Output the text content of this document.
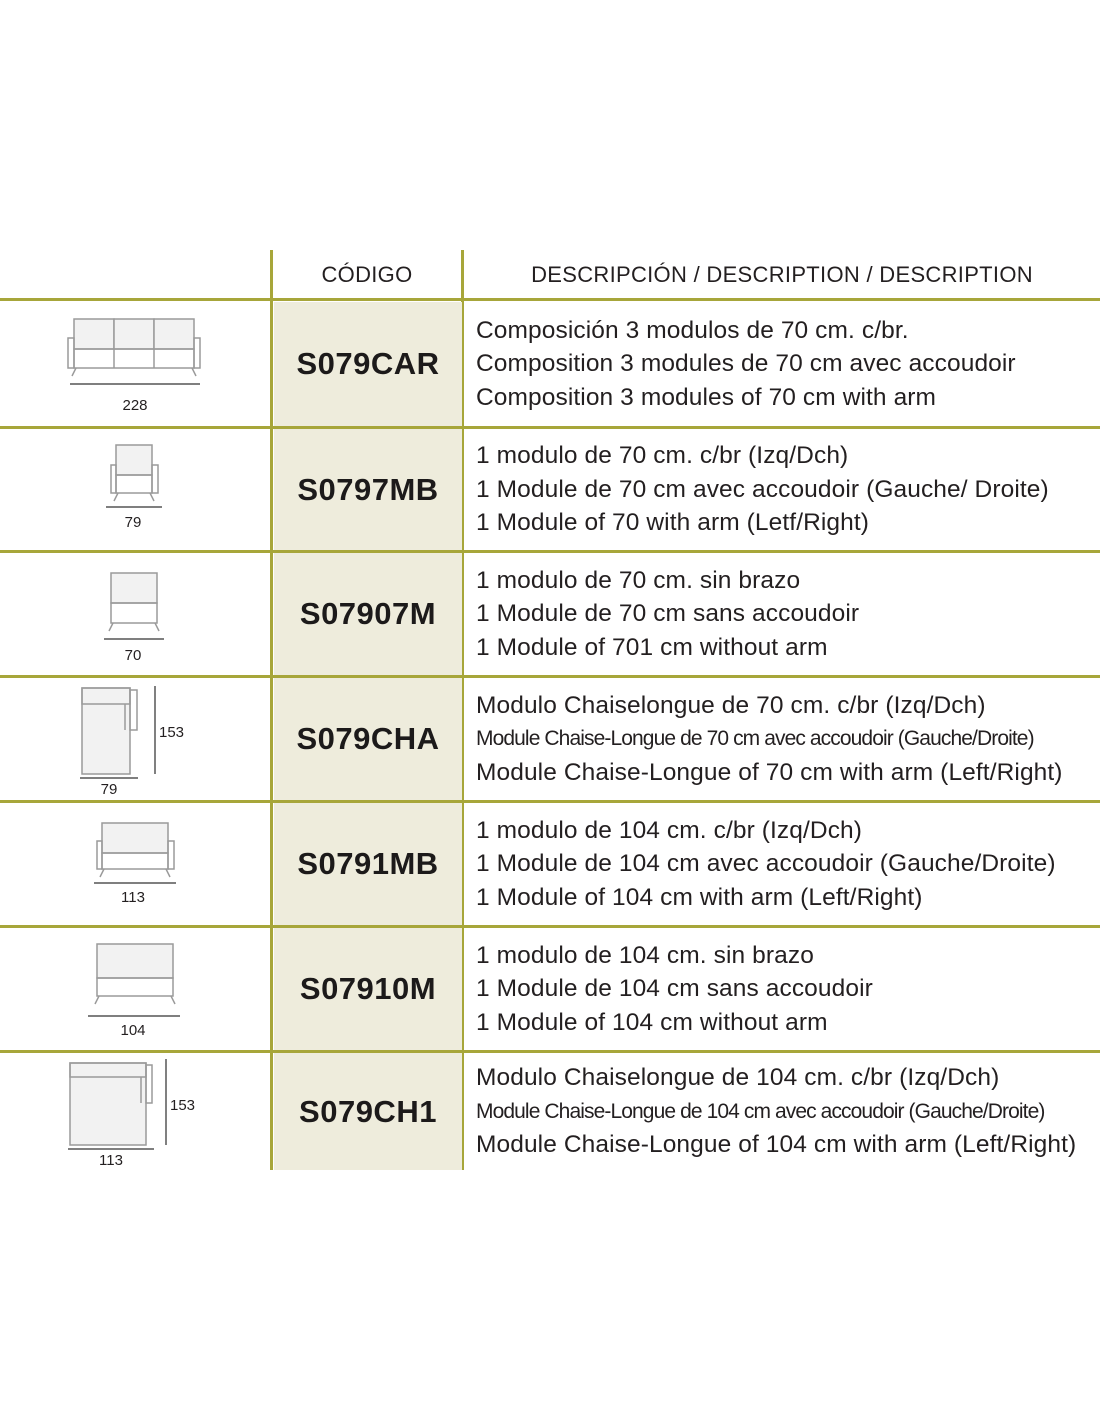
CÓDIGO	DESCRIPCIÓN / DESCRIPTION / DESCRIPTION
228
S079CAR
Composición 3 modulos de 70 cm. c/br.
Composition 3 modules de 70 cm avec accoudoir
Composition 3 modules of 70 cm with arm
79
S0797MB
1 modulo de 70 cm. c/br (Izq/Dch)
1 Module de 70 cm avec accoudoir (Gauche/ Droite)
1 Module of 70 with arm (Letf/Right)
70
S07907M
1 modulo de 70 cm. sin brazo
1 Module de 70 cm sans accoudoir
1 Module of 701 cm without arm
153
79
S079CHA
Modulo Chaiselongue de 70 cm. c/br (Izq/Dch)
Module Chaise-Longue de 70 cm avec accoudoir (Gauche/Droite)
Module Chaise-Longue of 70 cm with arm (Left/Right)
113
S0791MB
1 modulo de 104 cm. c/br (Izq/Dch)
1 Module de 104 cm avec accoudoir (Gauche/Droite)
1 Module of 104 cm with arm (Left/Right)
104
S07910M
1 modulo de 104 cm. sin brazo
1 Module de 104 cm sans accoudoir
1 Module of 104 cm without arm
153
113
S079CH1
Modulo Chaiselongue de 104 cm. c/br (Izq/Dch)
Module Chaise-Longue de 104 cm avec accoudoir (Gauche/Droite)
Module Chaise-Longue of 104 cm with arm (Left/Right)
